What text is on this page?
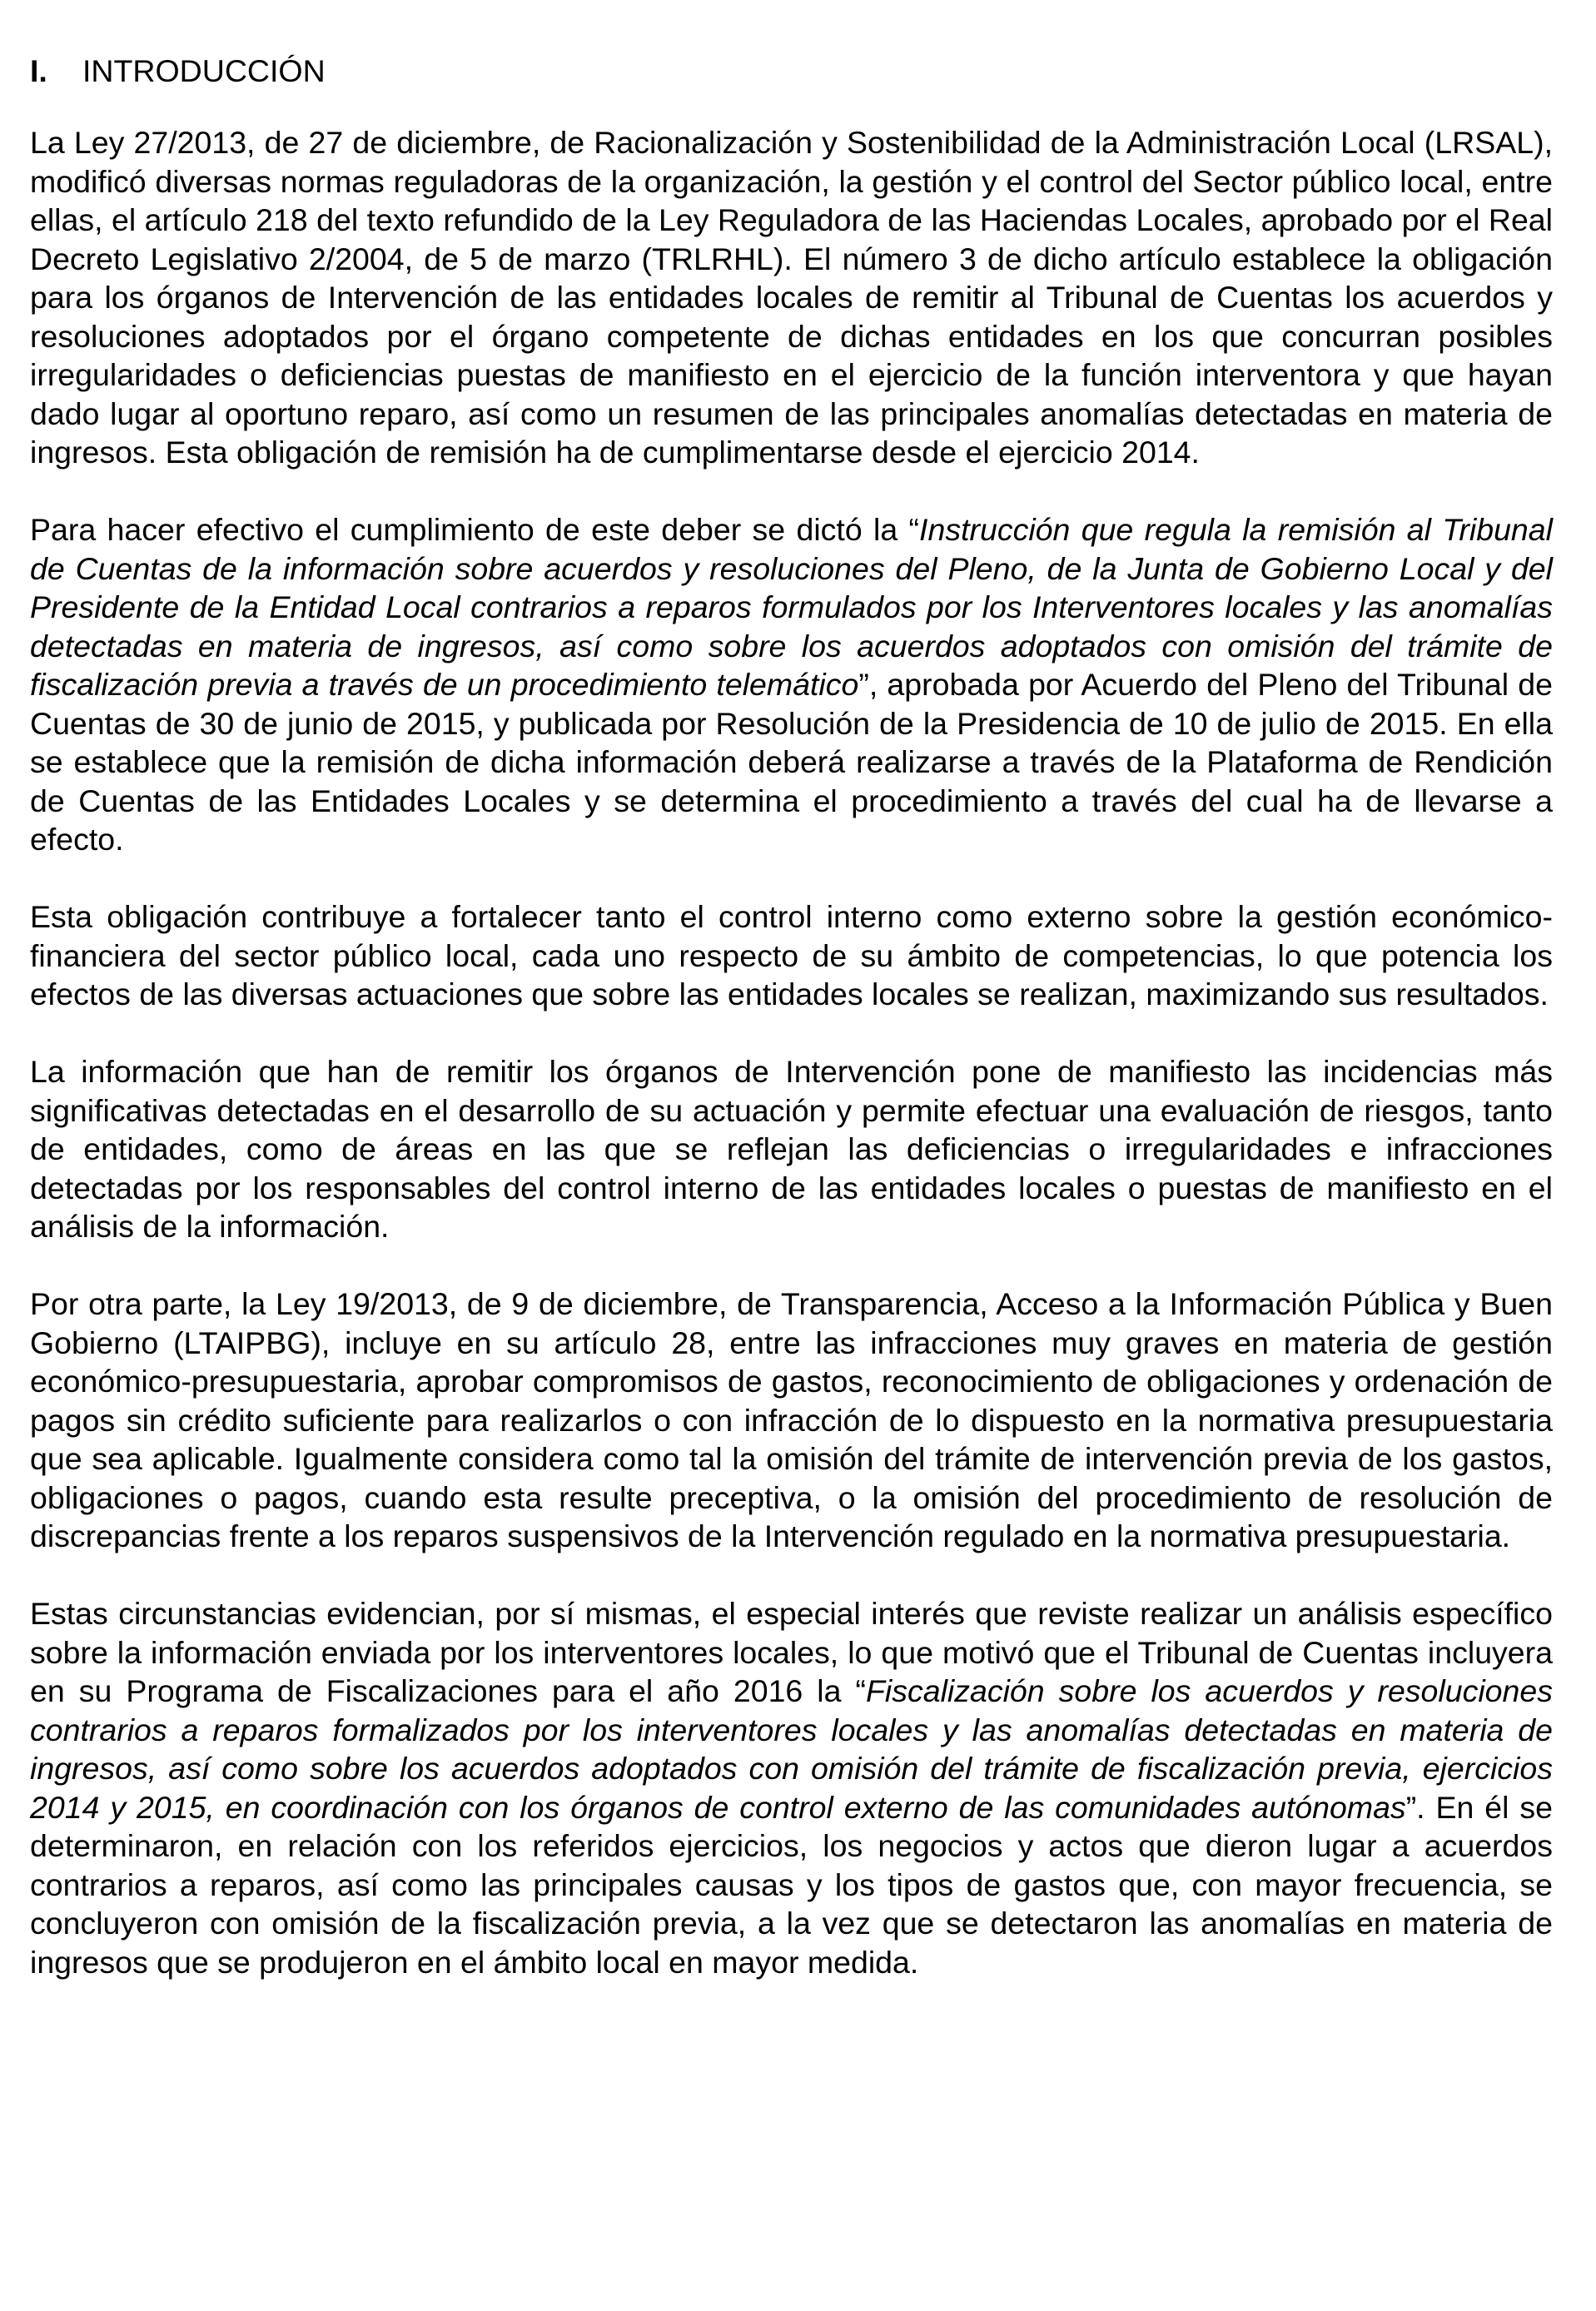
I.	INTRODUCCIÓN

La Ley 27/2013, de 27 de diciembre, de Racionalización y Sostenibilidad de la Administración Local (LRSAL), modificó diversas normas reguladoras de la organización, la gestión y el control del Sector público local, entre ellas, el artículo 218 del texto refundido de la Ley Reguladora de las Haciendas Locales, aprobado por el Real Decreto Legislativo 2/2004, de 5 de marzo (TRLRHL). El número 3 de dicho artículo establece la obligación para los órganos de Intervención de las entidades locales de remitir al Tribunal de Cuentas los acuerdos y resoluciones adoptados por el órgano competente de dichas entidades en los que concurran posibles irregularidades o deficiencias puestas de manifiesto en el ejercicio de la función interventora y que hayan dado lugar al oportuno reparo, así como un resumen de las principales anomalías detectadas en materia de ingresos. Esta obligación de remisión ha de cumplimentarse desde el ejercicio 2014.

Para hacer efectivo el cumplimiento de este deber se dictó la “Instrucción que regula la remisión al Tribunal de Cuentas de la información sobre acuerdos y resoluciones del Pleno, de la Junta de Gobierno Local y del Presidente de la Entidad Local contrarios a reparos formulados por los Interventores locales y las anomalías detectadas en materia de ingresos, así como sobre los acuerdos adoptados con omisión del trámite de fiscalización previa a través de un procedimiento telemático”, aprobada por Acuerdo del Pleno del Tribunal de Cuentas de 30 de junio de 2015, y publicada por Resolución de la Presidencia de 10 de julio de 2015. En ella se establece que la remisión de dicha información deberá realizarse a través de la Plataforma de Rendición de Cuentas de las Entidades Locales y se determina el procedimiento a través del cual ha de llevarse a efecto.

Esta obligación contribuye a fortalecer tanto el control interno como externo sobre la gestión económico-financiera del sector público local, cada uno respecto de su ámbito de competencias, lo que potencia los efectos de las diversas actuaciones que sobre las entidades locales se realizan, maximizando sus resultados.

La información que han de remitir los órganos de Intervención pone de manifiesto las incidencias más significativas detectadas en el desarrollo de su actuación y permite efectuar una evaluación de riesgos, tanto de entidades, como de áreas en las que se reflejan las deficiencias o irregularidades e infracciones detectadas por los responsables del control interno de las entidades locales o puestas de manifiesto en el análisis de la información.

Por otra parte, la Ley 19/2013, de 9 de diciembre, de Transparencia, Acceso a la Información Pública y Buen Gobierno (LTAIPBG), incluye en su artículo 28, entre las infracciones muy graves en materia de gestión económico-presupuestaria, aprobar compromisos de gastos, reconocimiento de obligaciones y ordenación de pagos sin crédito suficiente para realizarlos o con infracción de lo dispuesto en la normativa presupuestaria que sea aplicable. Igualmente considera como tal la omisión del trámite de intervención previa de los gastos, obligaciones o pagos, cuando esta resulte preceptiva, o la omisión del procedimiento de resolución de discrepancias frente a los reparos suspensivos de la Intervención regulado en la normativa presupuestaria.

Estas circunstancias evidencian, por sí mismas, el especial interés que reviste realizar un análisis específico sobre la información enviada por los interventores locales, lo que motivó que el Tribunal de Cuentas incluyera en su Programa de Fiscalizaciones para el año 2016 la “Fiscalización sobre los acuerdos y resoluciones contrarios a reparos formalizados por los interventores locales y las anomalías detectadas en materia de ingresos, así como sobre los acuerdos adoptados con omisión del trámite de fiscalización previa, ejercicios 2014 y 2015, en coordinación con los órganos de control externo de las comunidades autónomas”. En él se determinaron, en relación con los referidos ejercicios, los negocios y actos que dieron lugar a acuerdos contrarios a reparos, así como las principales causas y los tipos de gastos que, con mayor frecuencia, se concluyeron con omisión de la fiscalización previa, a la vez que se detectaron las anomalías en materia de ingresos que se produjeron en el ámbito local en mayor medida.
